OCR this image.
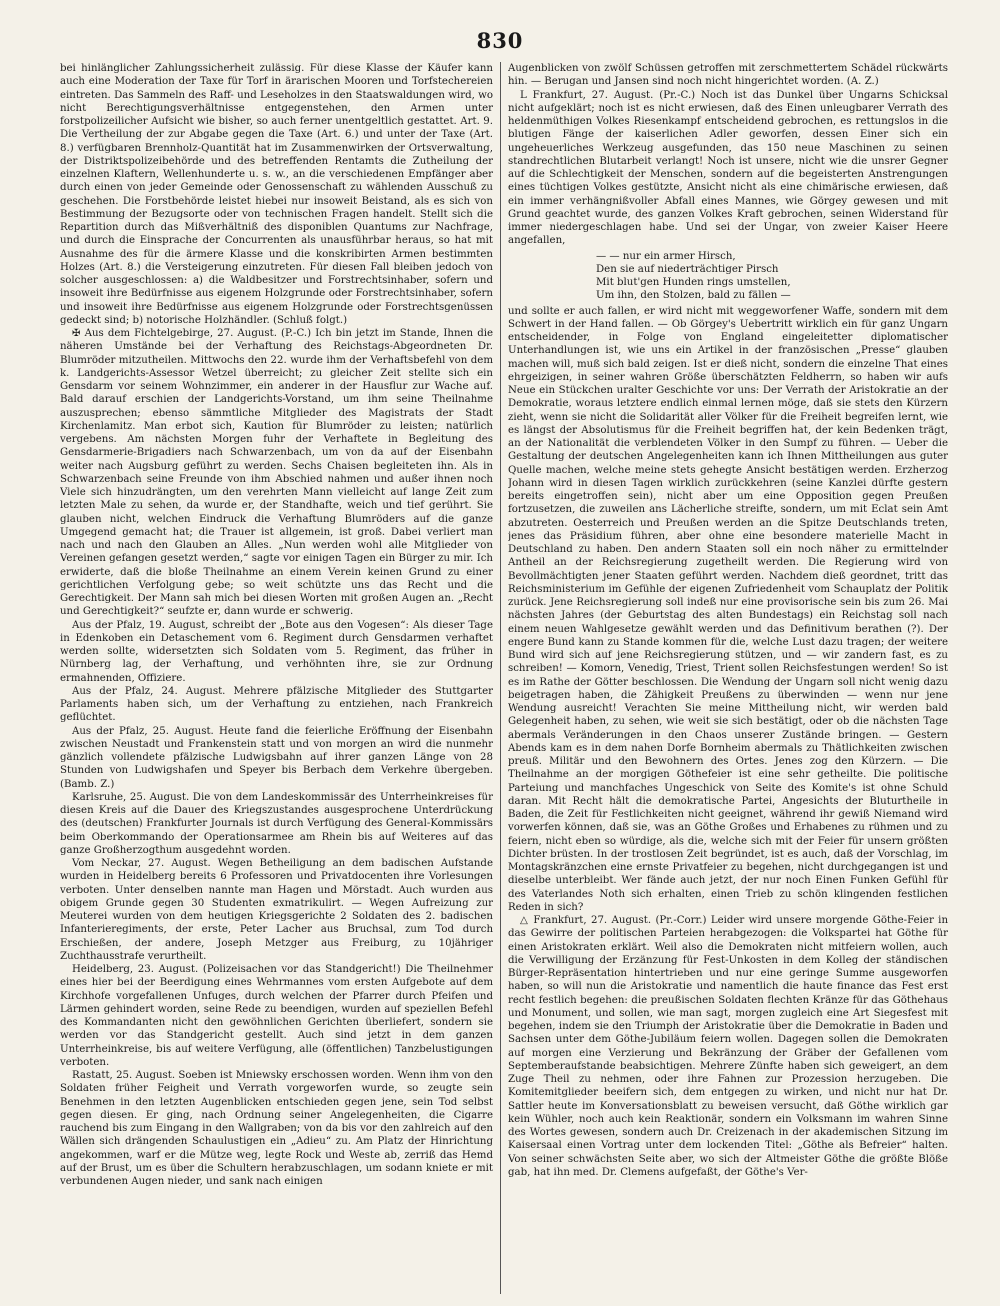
830

bei hinlänglicher Zahlungssicherheit zulässig. Für diese Klasse der Käufer kann auch eine Moderation der Taxe für Torf in ärarischen Mooren und Torfstechereien eintreten. Das Sammeln des Raff- und Leseholzes in den Staatswaldungen wird, wo nicht Berechtigungsverhältnisse entgegenstehen, den Armen unter forstpolizeilicher Aufsicht wie bisher, so auch ferner unentgeltlich gestattet. Art. 9. Die Vertheilung der zur Abgabe gegen die Taxe (Art. 6.) und unter der Taxe (Art. 8.) verfügbaren Brennholz-Quantität hat im Zusammenwirken der Ortsverwaltung, der Distriktspolizeibehörde und des betreffenden Rentamts die Zutheilung der einzelnen Klaftern, Wellenhunderte u. s. w., an die verschiedenen Empfänger aber durch einen von jeder Gemeinde oder Genossenschaft zu wählenden Ausschuß zu geschehen. Die Forstbehörde leistet hiebei nur insoweit Beistand, als es sich von Bestimmung der Bezugsorte oder von technischen Fragen handelt. Stellt sich die Repartition durch das Mißverhältniß des disponiblen Quantums zur Nachfrage, und durch die Einsprache der Concurrenten als unausführbar heraus, so hat mit Ausnahme des für die ärmere Klasse und die konskribirten Armen bestimmten Holzes (Art. 8.) die Versteigerung einzutreten. Für diesen Fall bleiben jedoch von solcher ausgeschlossen: a) die Waldbesitzer und Forstrechtsinhaber, sofern und insoweit ihre Bedürfnisse aus eigenem Holzgrunde oder Forstrechtsinhaber, sofern und insoweit ihre Bedürfnisse aus eigenem Holzgrunde oder Forstrechtsgenüssen gedeckt sind; b) notorische Holzhändler. (Schluß folgt.)

✠ Aus dem Fichtelgebirge, 27. August. (P.-C.) Ich bin jetzt im Stande, Ihnen die näheren Umstände bei der Verhaftung des Reichstags-Abgeordneten Dr. Blumröder mitzutheilen. Mittwochs den 22. wurde ihm der Verhaftsbefehl von dem k. Landgerichts-Assessor Wetzel überreicht; zu gleicher Zeit stellte sich ein Gensdarm vor seinem Wohnzimmer, ein anderer in der Hausflur zur Wache auf. Bald darauf erschien der Landgerichts-Vorstand, um ihm seine Theilnahme auszusprechen; ebenso sämmtliche Mitglieder des Magistrats der Stadt Kirchenlamitz. Man erbot sich, Kaution für Blumröder zu leisten; natürlich vergebens. Am nächsten Morgen fuhr der Verhaftete in Begleitung des Gensdarmerie-Brigadiers nach Schwarzenbach, um von da auf der Eisenbahn weiter nach Augsburg geführt zu werden. Sechs Chaisen begleiteten ihn. Als in Schwarzenbach seine Freunde von ihm Abschied nahmen und außer ihnen noch Viele sich hinzudrängten, um den verehrten Mann vielleicht auf lange Zeit zum letzten Male zu sehen, da wurde er, der Standhafte, weich und tief gerührt. Sie glauben nicht, welchen Eindruck die Verhaftung Blumröders auf die ganze Umgegend gemacht hat; die Trauer ist allgemein, ist groß. Dabei verliert man nach und nach den Glauben an Alles. „Nun werden wohl alle Mitglieder von Vereinen gefangen gesetzt werden,“ sagte vor einigen Tagen ein Bürger zu mir. Ich erwiderte, daß die bloße Theilnahme an einem Verein keinen Grund zu einer gerichtlichen Verfolgung gebe; so weit schützte uns das Recht und die Gerechtigkeit. Der Mann sah mich bei diesen Worten mit großen Augen an. „Recht und Gerechtigkeit?“ seufzte er, dann wurde er schwerig.

Aus der Pfalz, 19. August, schreibt der „Bote aus den Vogesen“: Als dieser Tage in Edenkoben ein Detaschement vom 6. Regiment durch Gensdarmen verhaftet werden sollte, widersetzten sich Soldaten vom 5. Regiment, das früher in Nürnberg lag, der Verhaftung, und verhöhnten ihre, sie zur Ordnung ermahnenden, Offiziere.

Aus der Pfalz, 24. August. Mehrere pfälzische Mitglieder des Stuttgarter Parlaments haben sich, um der Verhaftung zu entziehen, nach Frankreich geflüchtet.

Aus der Pfalz, 25. August. Heute fand die feierliche Eröffnung der Eisenbahn zwischen Neustadt und Frankenstein statt und von morgen an wird die nunmehr gänzlich vollendete pfälzische Ludwigsbahn auf ihrer ganzen Länge von 28 Stunden von Ludwigshafen und Speyer bis Berbach dem Verkehre übergeben. (Bamb. Z.)

Karlsruhe, 25. August. Die von dem Landeskommissär des Unterrheinkreises für diesen Kreis auf die Dauer des Kriegszustandes ausgesprochene Unterdrückung des (deutschen) Frankfurter Journals ist durch Verfügung des General-Kommissärs beim Oberkommando der Operationsarmee am Rhein bis auf Weiteres auf das ganze Großherzogthum ausgedehnt worden.

Vom Neckar, 27. August. Wegen Betheiligung an dem badischen Aufstande wurden in Heidelberg bereits 6 Professoren und Privatdocenten ihre Vorlesungen verboten. Unter denselben nannte man Hagen und Mörstadt. Auch wurden aus obigem Grunde gegen 30 Studenten exmatrikulirt. — Wegen Aufreizung zur Meuterei wurden von dem heutigen Kriegsgerichte 2 Soldaten des 2. badischen Infanterieregiments, der erste, Peter Lacher aus Bruchsal, zum Tod durch Erschießen, der andere, Joseph Metzger aus Freiburg, zu 10jähriger Zuchthausstrafe verurtheilt.

Heidelberg, 23. August. (Polizeisachen vor das Standgericht!) Die Theilnehmer eines hier bei der Beerdigung eines Wehrmannes vom ersten Aufgebote auf dem Kirchhofe vorgefallenen Unfuges, durch welchen der Pfarrer durch Pfeifen und Lärmen gehindert worden, seine Rede zu beendigen, wurden auf speziellen Befehl des Kommandanten nicht den gewöhnlichen Gerichten überliefert, sondern sie werden vor das Standgericht gestellt. Auch sind jetzt in dem ganzen Unterrheinkreise, bis auf weitere Verfügung, alle (öffentlichen) Tanzbelustigungen verboten.

Rastatt, 25. August. Soeben ist Mniewsky erschossen worden. Wenn ihm von den Soldaten früher Feigheit und Verrath vorgeworfen wurde, so zeugte sein Benehmen in den letzten Augenblicken entschieden gegen jene, sein Tod selbst gegen diesen. Er ging, nach Ordnung seiner Angelegenheiten, die Cigarre rauchend bis zum Eingang in den Wallgraben; von da bis vor den zahlreich auf den Wällen sich drängenden Schaulustigen ein „Adieu“ zu. Am Platz der Hinrichtung angekommen, warf er die Mütze weg, legte Rock und Weste ab, zerriß das Hemd auf der Brust, um es über die Schultern herabzuschlagen, um sodann kniete er mit verbundenen Augen nieder, und sank nach einigen

Augenblicken von zwölf Schüssen getroffen mit zerschmettertem Schädel rückwärts hin. — Berugan und Jansen sind noch nicht hingerichtet worden. (A. Z.)

L Frankfurt, 27. August. (Pr.-C.) Noch ist das Dunkel über Ungarns Schicksal nicht aufgeklärt; noch ist es nicht erwiesen, daß des Einen unleugbarer Verrath des heldenmüthigen Volkes Riesenkampf entscheidend gebrochen, es rettungslos in die blutigen Fänge der kaiserlichen Adler geworfen, dessen Einer sich ein ungeheuerliches Werkzeug ausgefunden, das 150 neue Maschinen zu seinen standrechtlichen Blutarbeit verlangt! Noch ist unsere, nicht wie die unsrer Gegner auf die Schlechtigkeit der Menschen, sondern auf die begeisterten Anstrengungen eines tüchtigen Volkes gestützte, Ansicht nicht als eine chimärische erwiesen, daß ein immer verhängnißvoller Abfall eines Mannes, wie Görgey gewesen und mit Grund geachtet wurde, des ganzen Volkes Kraft gebrochen, seinen Widerstand für immer niedergeschlagen habe. Und sei der Ungar, von zweier Kaiser Heere angefallen,

— — nur ein armer Hirsch,
Den sie auf niederträchtiger Pirsch
Mit blut'gen Hunden rings umstellen,
Um ihn, den Stolzen, bald zu fällen —

und sollte er auch fallen, er wird nicht mit weggeworfener Waffe, sondern mit dem Schwert in der Hand fallen. — Ob Görgey's Uebertritt wirklich ein für ganz Ungarn entscheidender, in Folge von England eingeleitetter diplomatischer Unterhandlungen ist, wie uns ein Artikel in der französischen „Presse“ glauben machen will, muß sich bald zeigen. Ist er dieß nicht, sondern die einzelne That eines ehrgeizigen, in seiner wahren Größe überschätzten Feldherrn, so haben wir aufs Neue ein Stückchen uralter Geschichte vor uns: Der Verrath der Aristokratie an der Demokratie, woraus letztere endlich einmal lernen möge, daß sie stets den Kürzern zieht, wenn sie nicht die Solidarität aller Völker für die Freiheit begreifen lernt, wie es längst der Absolutismus für die Freiheit begriffen hat, der kein Bedenken trägt, an der Nationalität die verblendeten Völker in den Sumpf zu führen. — Ueber die Gestaltung der deutschen Angelegenheiten kann ich Ihnen Mittheilungen aus guter Quelle machen, welche meine stets gehegte Ansicht bestätigen werden. Erzherzog Johann wird in diesen Tagen wirklich zurückkehren (seine Kanzlei dürfte gestern bereits eingetroffen sein), nicht aber um eine Opposition gegen Preußen fortzusetzen, die zuweilen ans Lächerliche streifte, sondern, um mit Eclat sein Amt abzutreten. Oesterreich und Preußen werden an die Spitze Deutschlands treten, jenes das Präsidium führen, aber ohne eine besondere materielle Macht in Deutschland zu haben. Den andern Staaten soll ein noch näher zu ermittelnder Antheil an der Reichsregierung zugetheilt werden. Die Regierung wird von Bevollmächtigten jener Staaten geführt werden. Nachdem dieß geordnet, tritt das Reichsministerium im Gefühle der eigenen Zufriedenheit vom Schauplatz der Politik zurück. Jene Reichsregierung soll indeß nur eine provisorische sein bis zum 26. Mai nächsten Jahres (der Geburtstag des alten Bundestags) ein Reichstag soll nach einem neuen Wahlgesetze gewählt werden und das Definitivum berathen (?). Der engere Bund kann zu Stande kommen für die, welche Lust dazu tragen; der weitere Bund wird sich auf jene Reichsregierung stützen, und — wir zandern fast, es zu schreiben! — Komorn, Venedig, Triest, Trient sollen Reichsfestungen werden! So ist es im Rathe der Götter beschlossen. Die Wendung der Ungarn soll nicht wenig dazu beigetragen haben, die Zähigkeit Preußens zu überwinden — wenn nur jene Wendung ausreicht! Verachten Sie meine Mittheilung nicht, wir werden bald Gelegenheit haben, zu sehen, wie weit sie sich bestätigt, oder ob die nächsten Tage abermals Veränderungen in den Chaos unserer Zustände bringen. — Gestern Abends kam es in dem nahen Dorfe Bornheim abermals zu Thätlichkeiten zwischen preuß. Militär und den Bewohnern des Ortes. Jenes zog den Kürzern. — Die Theilnahme an der morgigen Göthefeier ist eine sehr getheilte. Die politische Parteiung und manchfaches Ungeschick von Seite des Komite's ist ohne Schuld daran. Mit Recht hält die demokratische Partei, Angesichts der Bluturtheile in Baden, die Zeit für Festlichkeiten nicht geeignet, während ihr gewiß Niemand wird vorwerfen können, daß sie, was an Göthe Großes und Erhabenes zu rühmen und zu feiern, nicht eben so würdige, als die, welche sich mit der Feier für unsern größten Dichter brüsten. In der trostlosen Zeit begründet, ist es auch, daß der Vorschlag, im Montagskränzchen eine ernste Privatfeier zu begehen, nicht durchgegangen ist und dieselbe unterbleibt. Wer fände auch jetzt, der nur noch Einen Funken Gefühl für des Vaterlandes Noth sich erhalten, einen Trieb zu schön klingenden festlichen Reden in sich?

△ Frankfurt, 27. August. (Pr.-Corr.) Leider wird unsere morgende Göthe-Feier in das Gewirre der politischen Parteien herabgezogen: die Volkspartei hat Göthe für einen Aristokraten erklärt. Weil also die Demokraten nicht mitfeiern wollen, auch die Verwilligung der Erzänzung für Fest-Unkosten in dem Kolleg der ständischen Bürger-Repräsentation hintertrieben und nur eine geringe Summe ausgeworfen haben, so will nun die Aristokratie und namentlich die haute finance das Fest erst recht festlich begehen: die preußischen Soldaten flechten Kränze für das Göthehaus und Monument, und sollen, wie man sagt, morgen zugleich eine Art Siegesfest mit begehen, indem sie den Triumph der Aristokratie über die Demokratie in Baden und Sachsen unter dem Göthe-Jubiläum feiern wollen. Dagegen sollen die Demokraten auf morgen eine Verzierung und Bekränzung der Gräber der Gefallenen vom Septemberaufstande beabsichtigen. Mehrere Zünfte haben sich geweigert, an dem Zuge Theil zu nehmen, oder ihre Fahnen zur Prozession herzugeben. Die Komitemitglieder beeifern sich, dem entgegen zu wirken, und nicht nur hat Dr. Sattler heute im Konversationsblatt zu beweisen versucht, daß Göthe wirklich gar kein Wühler, noch auch kein Reaktionär, sondern ein Volksmann im wahren Sinne des Wortes gewesen, sondern auch Dr. Creizenach in der akademischen Sitzung im Kaisersaal einen Vortrag unter dem lockenden Titel: „Göthe als Befreier“ halten. Von seiner schwächsten Seite aber, wo sich der Altmeister Göthe die größte Blöße gab, hat ihn med. Dr. Clemens aufgefaßt, der Göthe's Ver-
